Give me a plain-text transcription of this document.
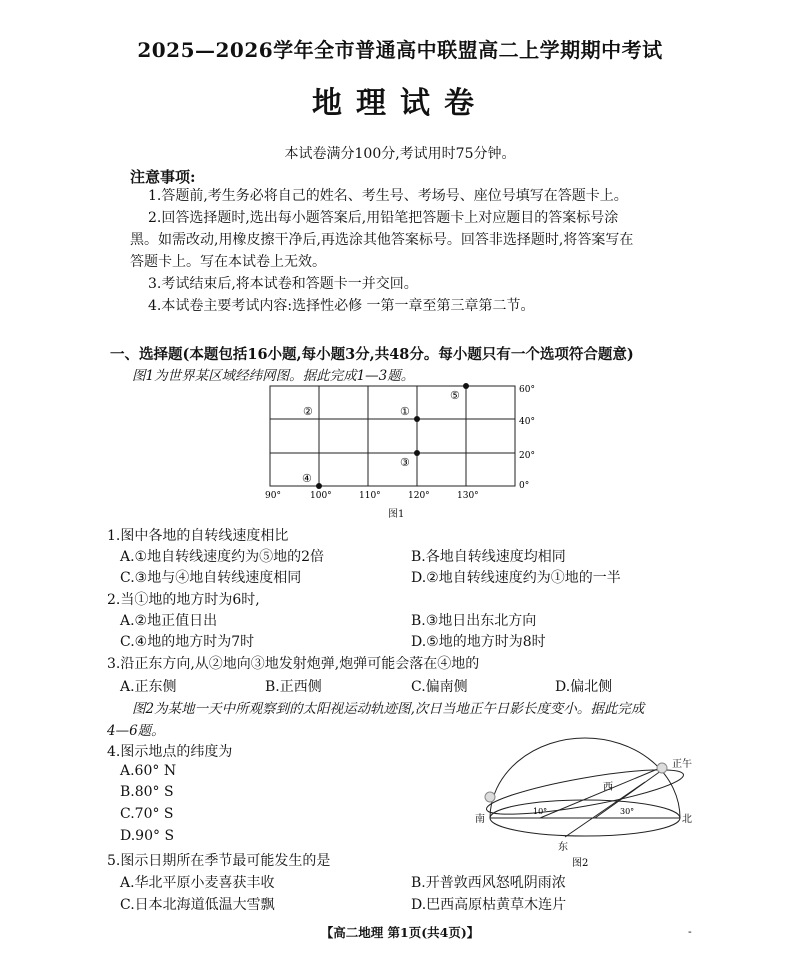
2025—2026学年全市普通高中联盟高二上学期期中考试
地理试卷
本试卷满分100分,考试用时75分钟。
注意事项:
1.答题前,考生务必将自己的姓名、考生号、考场号、座位号填写在答题卡上。
2.回答选择题时,选出每小题答案后,用铅笔把答题卡上对应题目的答案标号涂
黑。如需改动,用橡皮擦干净后,再选涂其他答案标号。回答非选择题时,将答案写在
答题卡上。写在本试卷上无效。
3.考试结束后,将本试卷和答题卡一并交回。
4.本试卷主要考试内容:选择性必修 一第一章至第三章第二节。
一、选择题(本题包括16小题,每小题3分,共48分。每小题只有一个选项符合题意)
图1为世界某区域经纬网图。据此完成1—3题。
②	①
⑤
③
④
90°	100°	110°	120°	130°
60°
40°
20°
0°
图1
1.图中各地的自转线速度相比
A.①地自转线速度约为⑤地的2倍	B.各地自转线速度均相同
C.③地与④地自转线速度相同	D.②地自转线速度约为①地的一半
2.当①地的地方时为6时,
A.②地正值日出	B.③地日出东北方向
C.④地的地方时为7时	D.⑤地的地方时为8时
3.沿正东方向,从②地向③地发射炮弹,炮弹可能会落在④地的
A.正东侧	B.正西侧	C.偏南侧	D.偏北侧
图2为某地一天中所观察到的太阳视运动轨迹图,次日当地正午日影长度变小。据此完成
4—6题。
4.图示地点的纬度为
A.60° N
B.80° S
C.70° S
D.90° S
正午
西
南	北
东
10°	30°
图2
5.图示日期所在季节最可能发生的是
A.华北平原小麦喜获丰收	B.开普敦西风怒吼阴雨浓
C.日本北海道低温大雪飘	D.巴西高原枯黄草木连片
【高二地理 第1页(共4页)】	-
